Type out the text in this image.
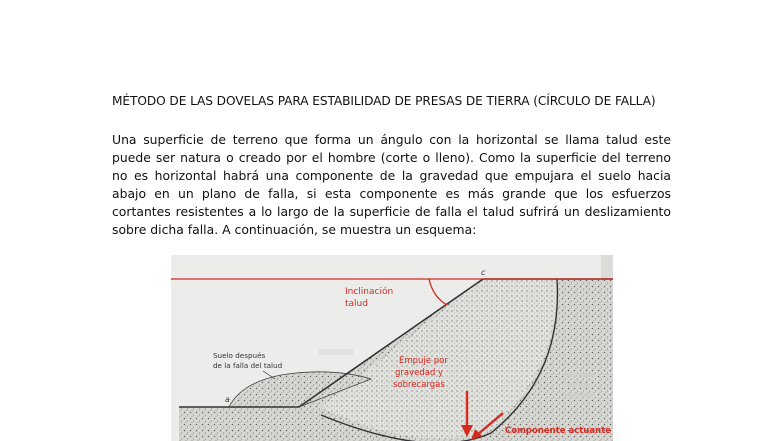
MÉTODO DE LAS DOVELAS PARA ESTABILIDAD DE PRESAS DE TIERRA (CÍRCULO DE FALLA)
Una superficie de terreno que forma un ángulo con la horizontal se llama talud este puede ser natura o creado por el hombre (corte o lleno). Como la superficie del terreno no es horizontal habrá una componente de la gravedad que empujara el suelo hacia abajo en un plano de falla, si esta componente es más grande que los esfuerzos cortantes resistentes a lo largo de la superficie de falla el talud sufrirá un deslizamiento sobre dicha falla. A continuación, se muestra un esquema:
c
a
Inclinación
talud
Suelo después
de la falla del talud	Empuje por
gravedad y
sobrecargas
Componente actuante
